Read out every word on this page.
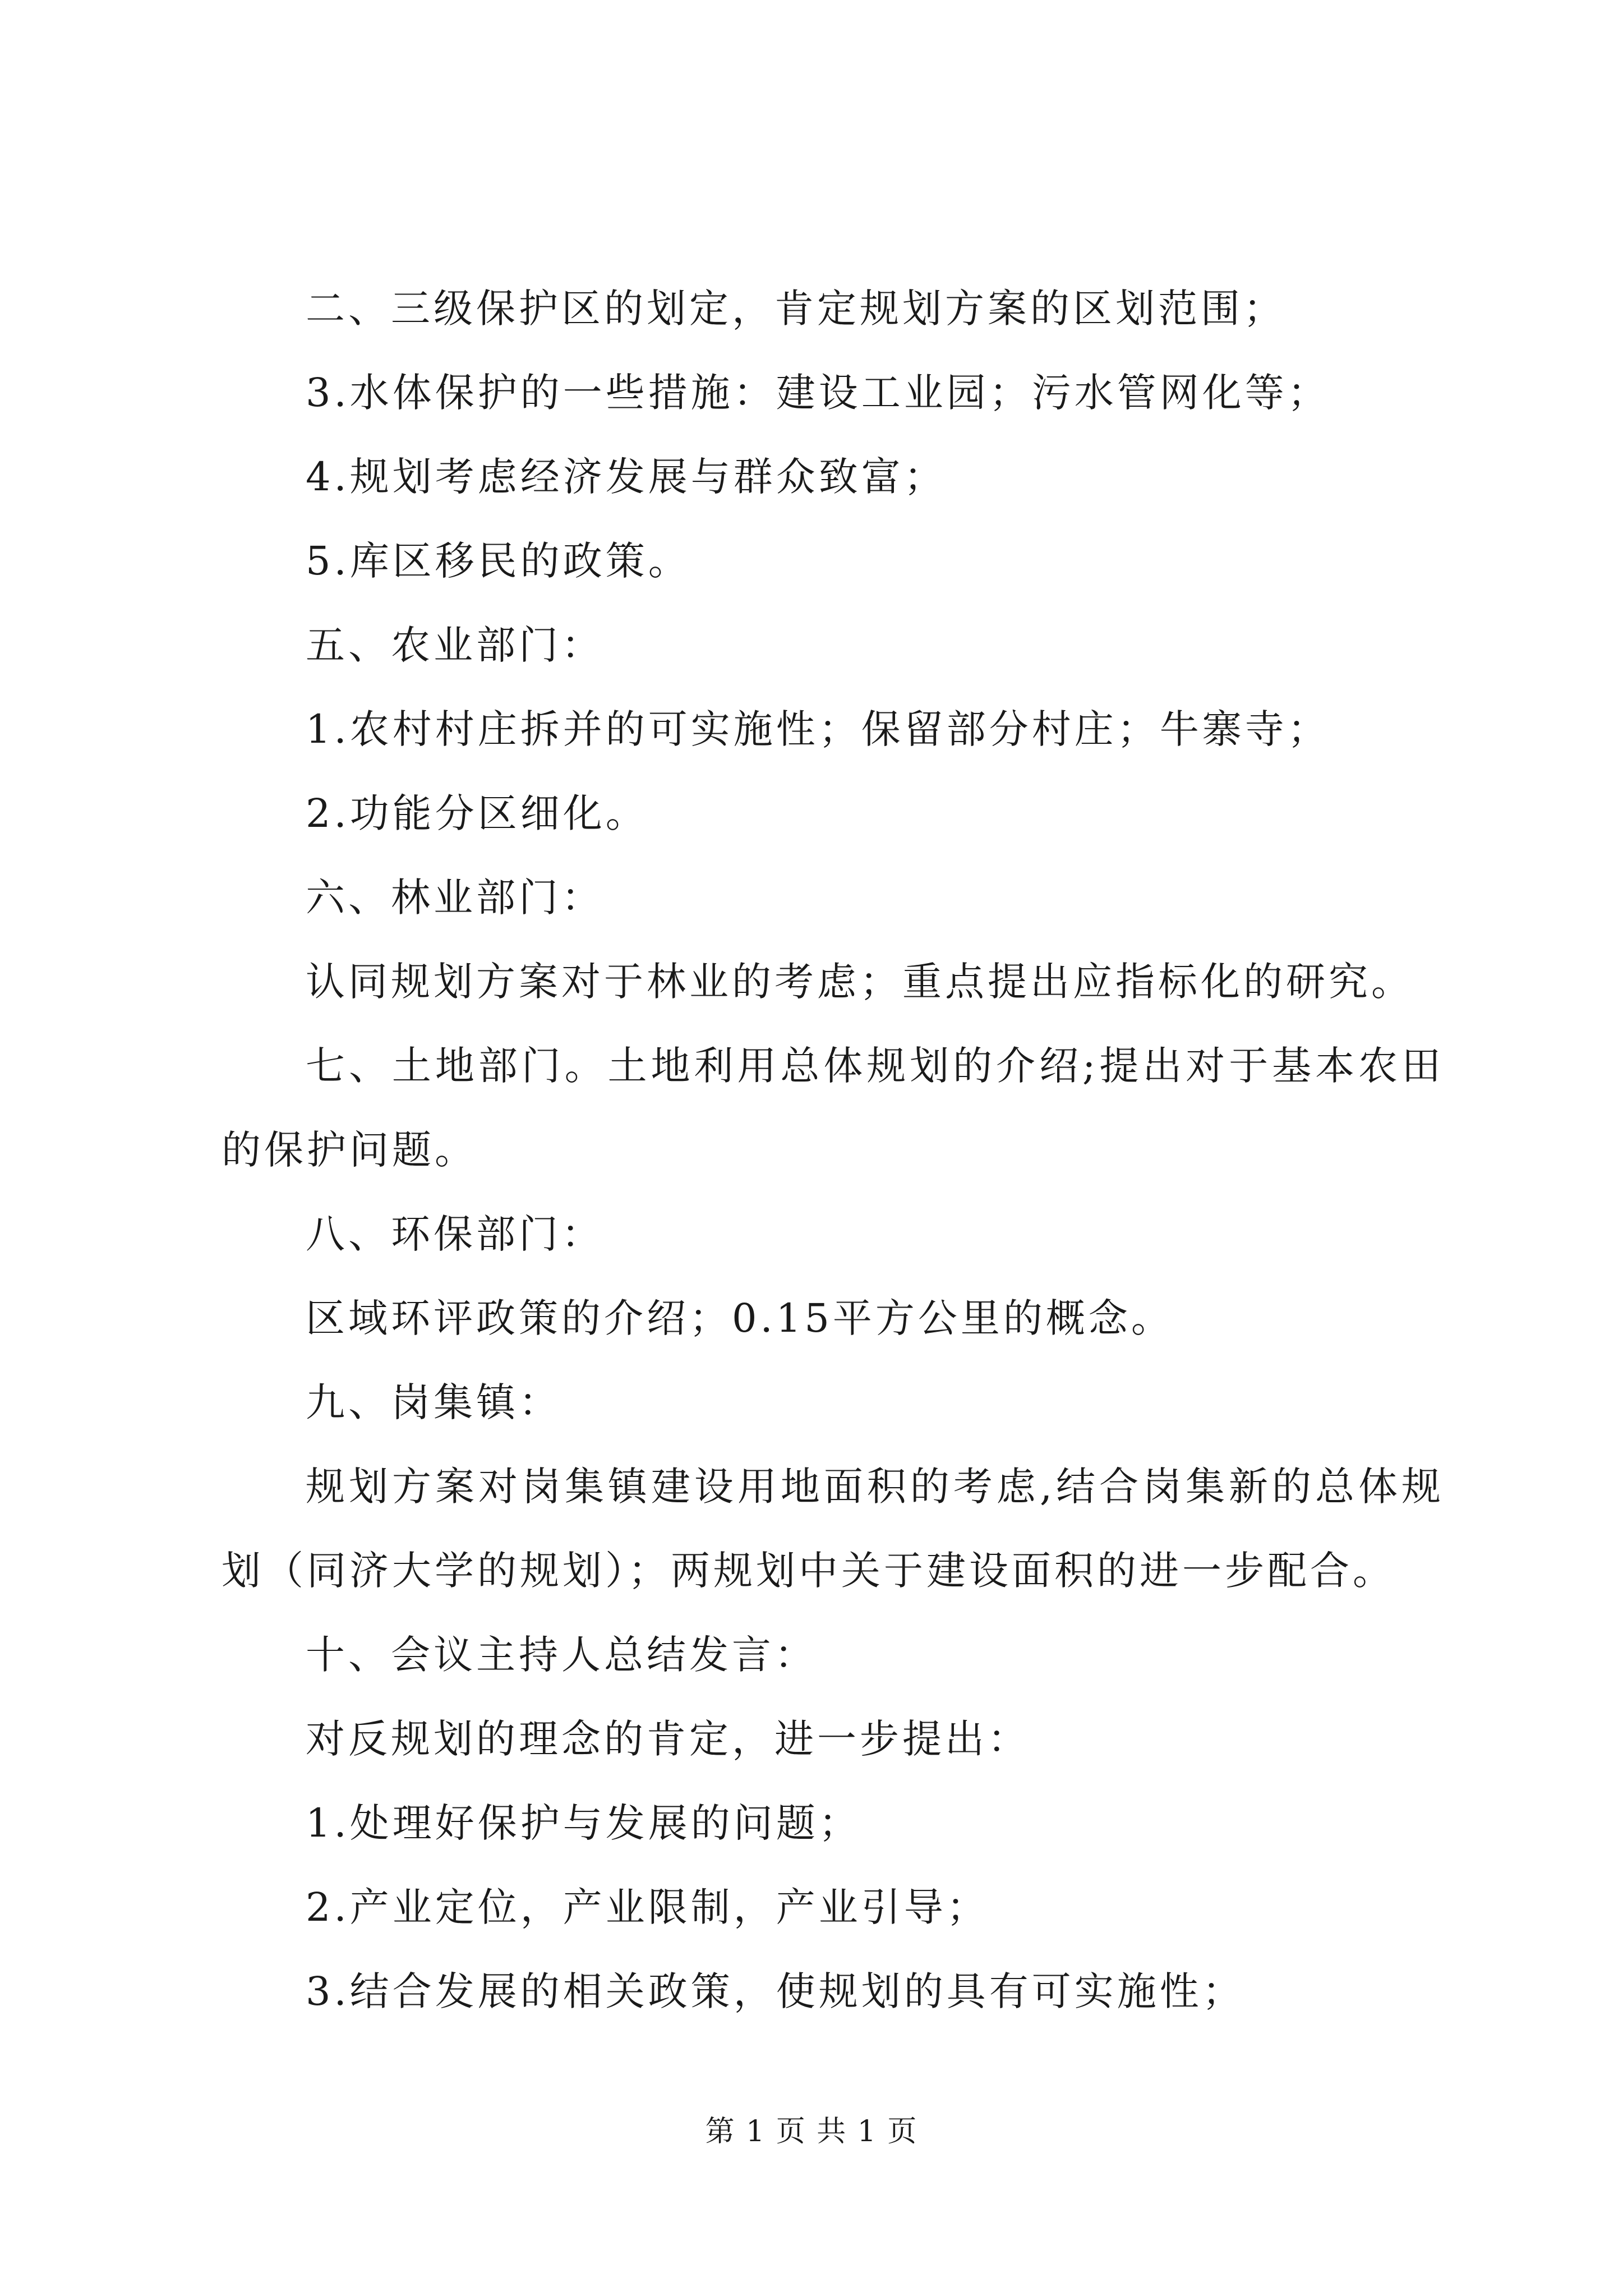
二、三级保护区的划定，肯定规划方案的区划范围；

3.水体保护的一些措施：建设工业园；污水管网化等；

4.规划考虑经济发展与群众致富；

5.库区移民的政策。

五、农业部门：

1.农村村庄拆并的可实施性；保留部分村庄；牛寨寺；

2.功能分区细化。

六、林业部门：

认同规划方案对于林业的考虑；重点提出应指标化的研究。

七、土地部门。土地利用总体规划的介绍;提出对于基本农田的保护问题。

八、环保部门：

区域环评政策的介绍；0.15平方公里的概念。

九、岗集镇：

规划方案对岗集镇建设用地面积的考虑,结合岗集新的总体规划（同济大学的规划）；两规划中关于建设面积的进一步配合。

十、会议主持人总结发言：

对反规划的理念的肯定，进一步提出：

1.处理好保护与发展的问题；

2.产业定位，产业限制，产业引导；

3.结合发展的相关政策，使规划的具有可实施性；

第 1 页 共 1 页
